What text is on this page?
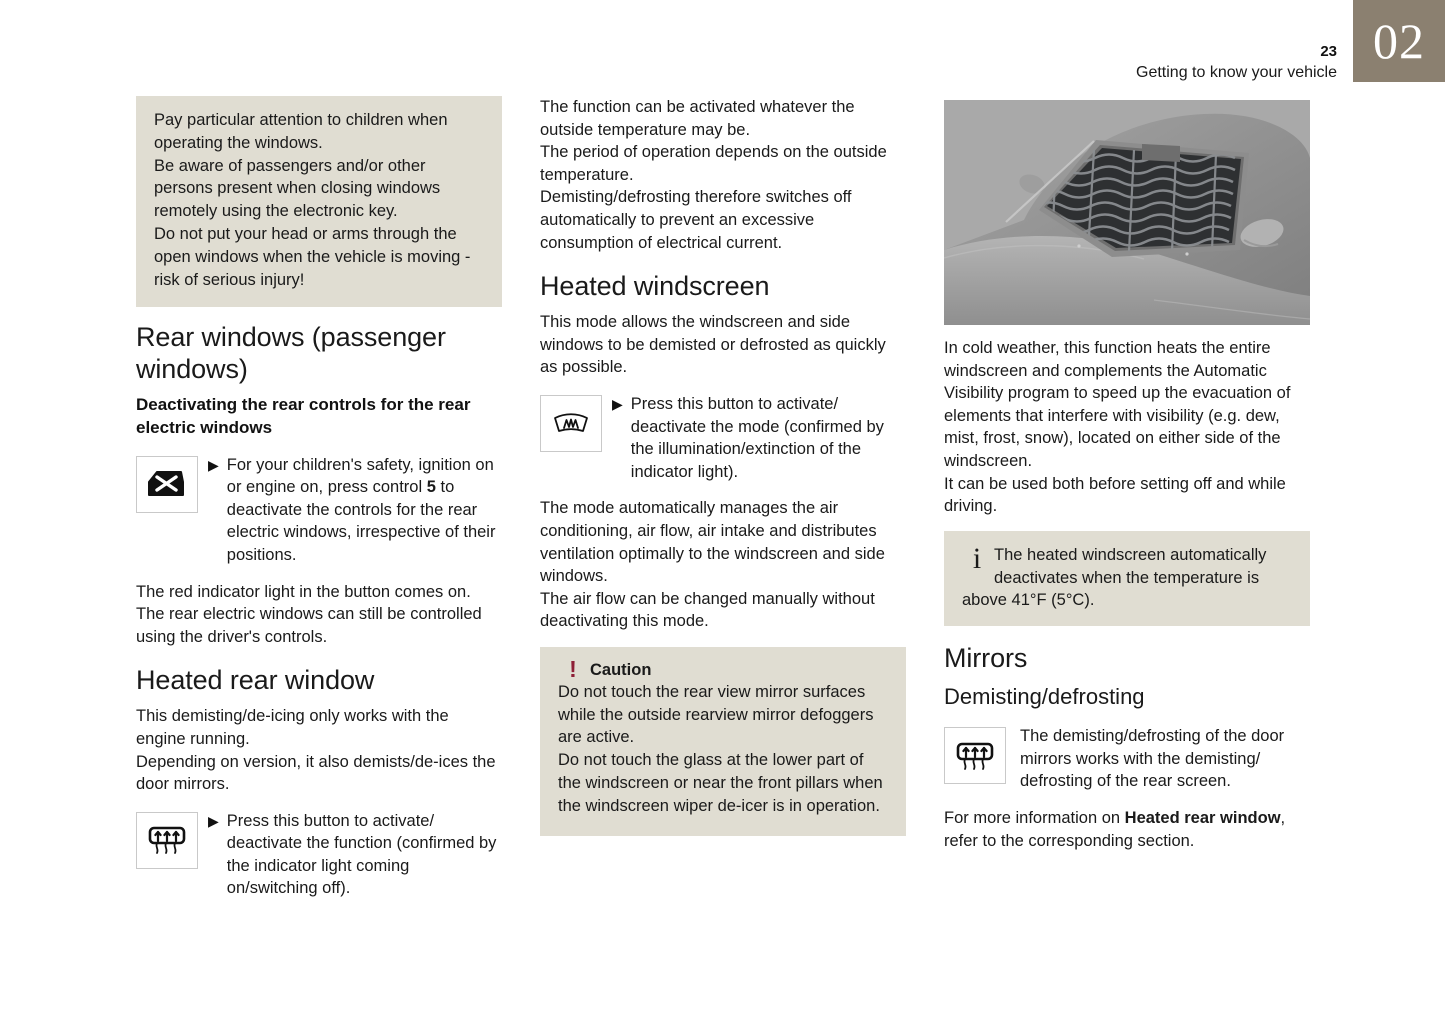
02
23
Getting to know your vehicle
Pay particular attention to children when operating the windows.
Be aware of passengers and/or other persons present when closing windows remotely using the electronic key.
Do not put your head or arms through the open windows when the vehicle is moving - risk of serious injury!
Rear windows (passenger windows)
Deactivating the rear controls for the rear electric windows
▶ For your children's safety, ignition on or engine on, press control 5 to deactivate the controls for the rear electric windows, irrespective of their positions.
The red indicator light in the button comes on. The rear electric windows can still be controlled using the driver's controls.
Heated rear window
This demisting/de-icing only works with the engine running.
Depending on version, it also demists/de-ices the door mirrors.
▶ Press this button to activate/ deactivate the function (confirmed by the indicator light coming on/switching off).
The function can be activated whatever the outside temperature may be.
The period of operation depends on the outside temperature.
Demisting/defrosting therefore switches off automatically to prevent an excessive consumption of electrical current.
Heated windscreen
This mode allows the windscreen and side windows to be demisted or defrosted as quickly as possible.
▶ Press this button to activate/ deactivate the mode (confirmed by the illumination/extinction of the indicator light).
The mode automatically manages the air conditioning, air flow, air intake and distributes ventilation optimally to the windscreen and side windows.
The air flow can be changed manually without deactivating this mode.
! Caution
Do not touch the rear view mirror surfaces while the outside rearview mirror defoggers are active.
Do not touch the glass at the lower part of the windscreen or near the front pillars when the windscreen wiper de-icer is in operation.
In cold weather, this function heats the entire windscreen and complements the Automatic Visibility program to speed up the evacuation of elements that interfere with visibility (e.g. dew, mist, frost, snow), located on either side of the windscreen.
It can be used both before setting off and while driving.
i The heated windscreen automatically deactivates when the temperature is above 41°F (5°C).
Mirrors
Demisting/defrosting
The demisting/defrosting of the door mirrors works with the demisting/ defrosting of the rear screen.
For more information on Heated rear window, refer to the corresponding section.
